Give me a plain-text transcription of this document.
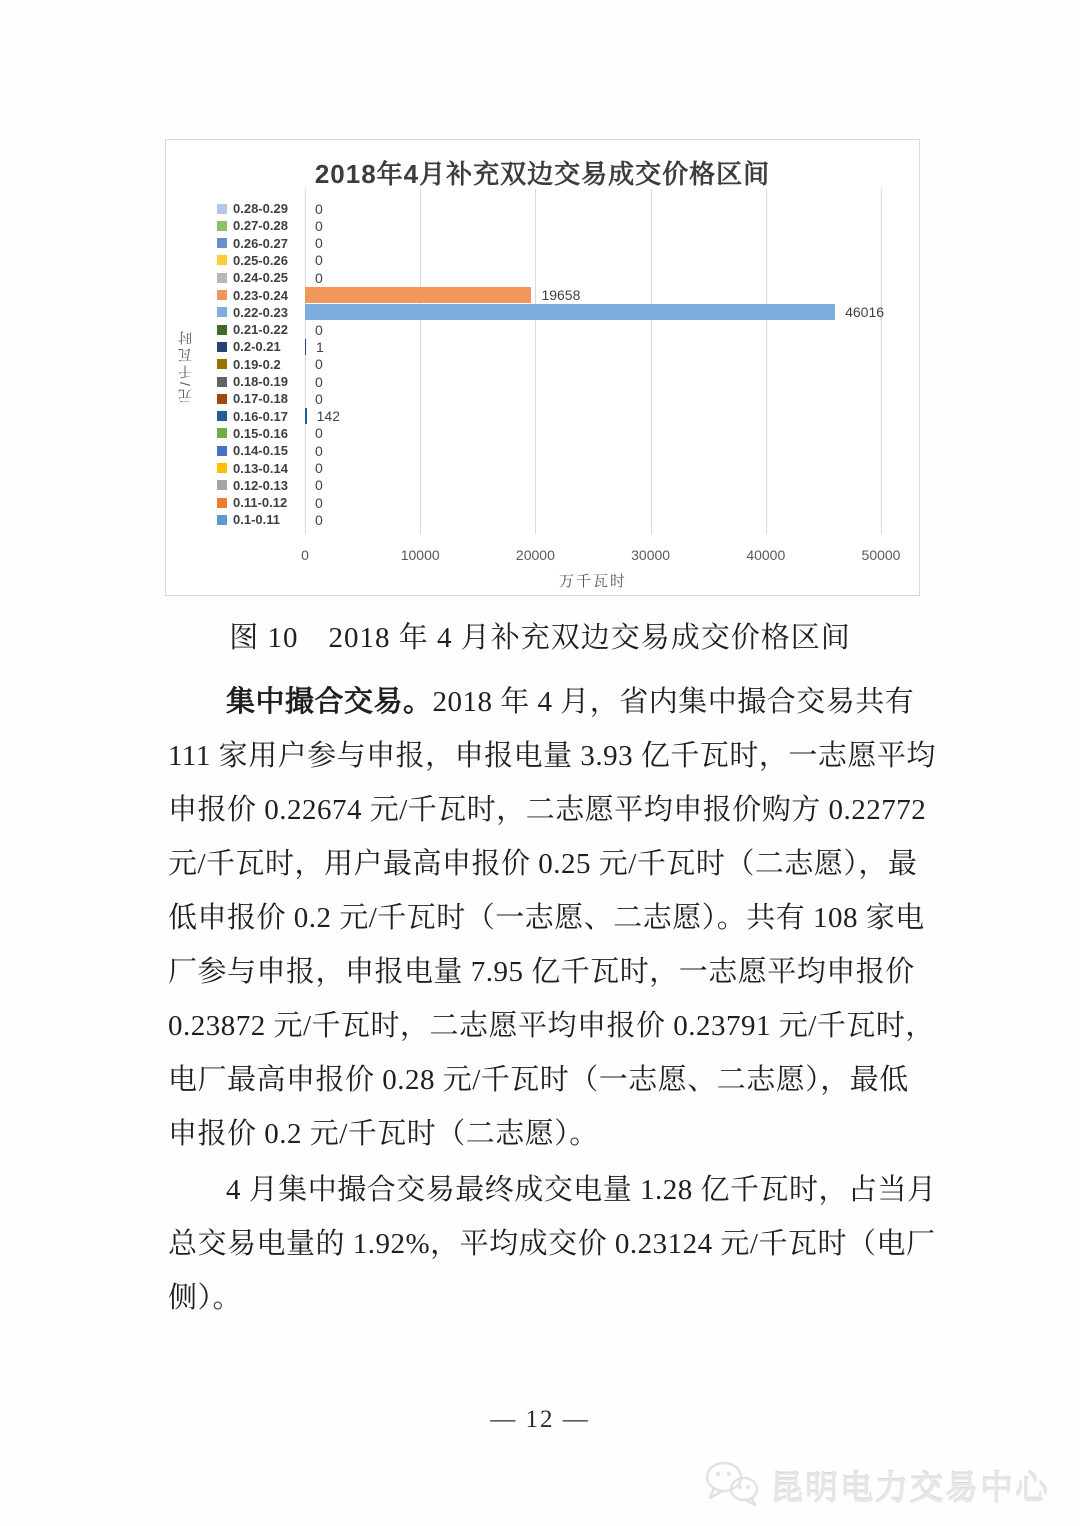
2018年4月补充双边交易成交价格区间
元/千瓦时
万千瓦时
0	10000	20000	30000	40000	50000
0.28-0.29 0
0.27-0.28 0
0.26-0.27 0
0.25-0.26 0
0.24-0.25 0
0.23-0.24	19658
0.22-0.23	46016
0.21-0.22 0
0.2-0.21	1
0.19-0.2 0
0.18-0.19 0
0.17-0.18 0
0.16-0.17 142
0.15-0.16 0
0.14-0.15 0
0.13-0.14 0
0.12-0.13 0
0.11-0.12 0
0.1-0.11	0
图 10　2018 年 4 月补充双边交易成交价格区间
集中撮合交易。2018 年 4 月，省内集中撮合交易共有
111 家用户参与申报，申报电量 3.93 亿千瓦时，一志愿平均
申报价 0.22674 元/千瓦时，二志愿平均申报价购方 0.22772
元/千瓦时，用户最高申报价 0.25 元/千瓦时（二志愿），最
低申报价 0.2 元/千瓦时（一志愿、二志愿）。共有 108 家电
厂参与申报，申报电量 7.95 亿千瓦时，一志愿平均申报价
0.23872 元/千瓦时，二志愿平均申报价 0.23791 元/千瓦时，
电厂最高申报价 0.28 元/千瓦时（一志愿、二志愿），最低
申报价 0.2 元/千瓦时（二志愿）。
4 月集中撮合交易最终成交电量 1.28 亿千瓦时，占当月
总交易电量的 1.92%，平均成交价 0.23124 元/千瓦时（电厂
侧）。
— 12 —
昆明电力交易中心
